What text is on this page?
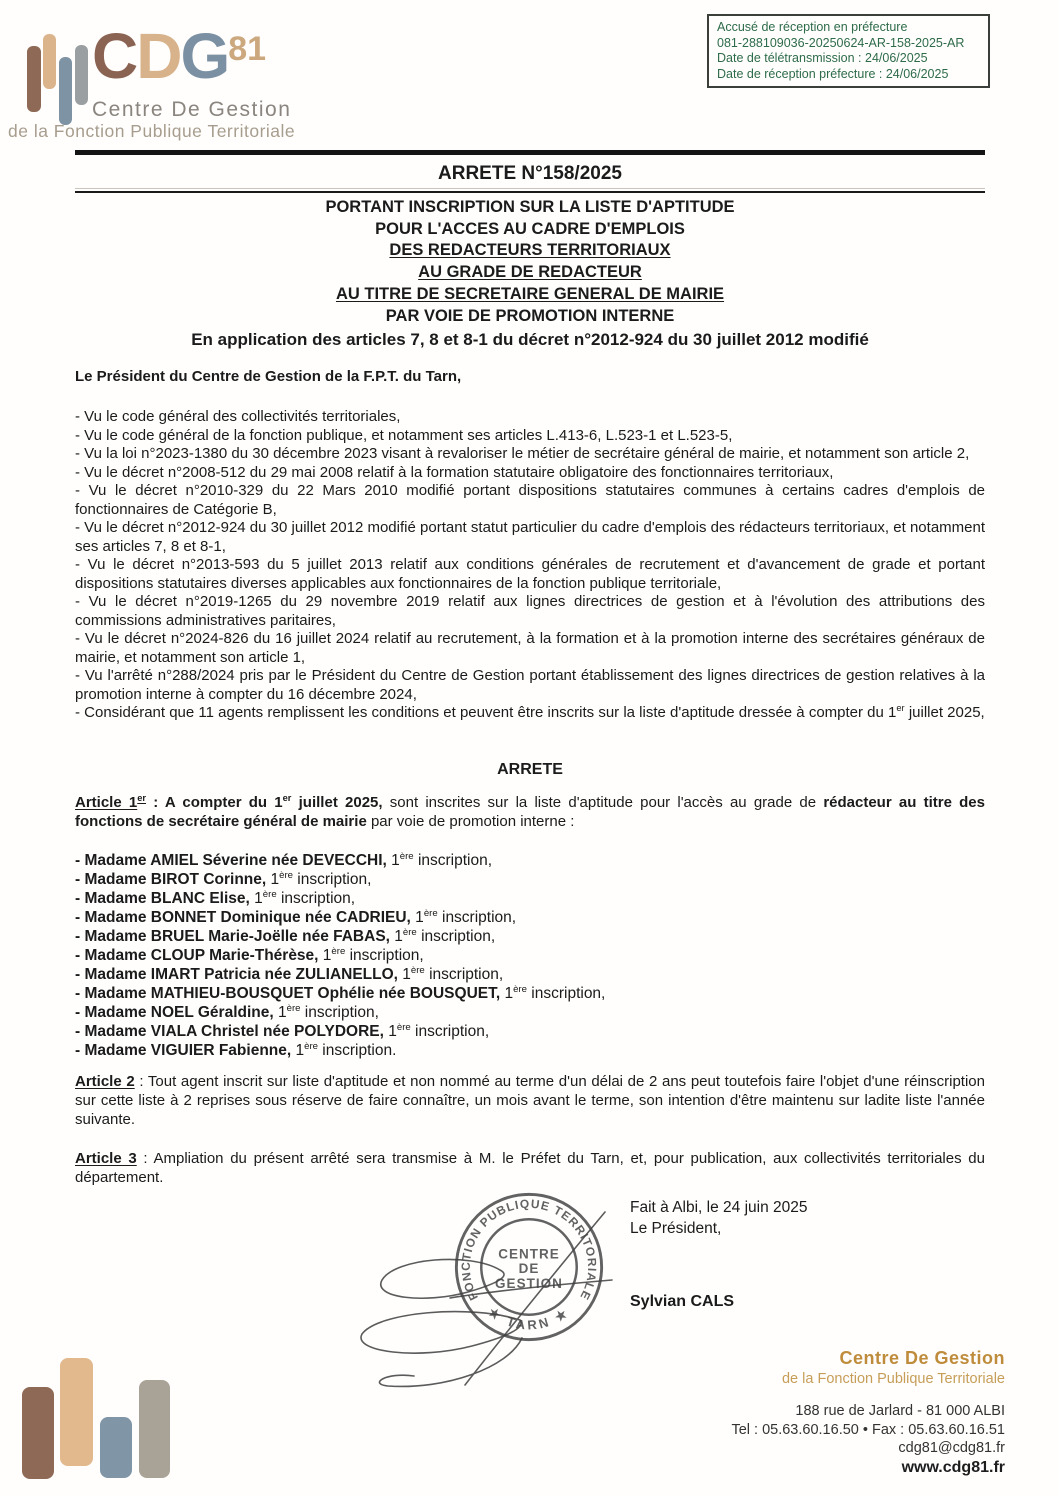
CDG$^{81}$
Centre De Gestion
de la Fonction Publique Territoriale
Accusé de réception en préfecture
081-288109036-20250624-AR-158-2025-AR
Date de télétransmission : 24/06/2025
Date de réception préfecture : 24/06/2025
ARRETE N°158/2025
PORTANT INSCRIPTION SUR LA LISTE D'APTITUDE
POUR L'ACCES AU CADRE D'EMPLOIS
DES REDACTEURS TERRITORIAUX
AU GRADE DE REDACTEUR
AU TITRE DE SECRETAIRE GENERAL DE MAIRIE
PAR VOIE DE PROMOTION INTERNE
En application des articles 7, 8 et 8-1 du décret n°2012-924 du 30 juillet 2012 modifié
Le Président du Centre de Gestion de la F.P.T. du Tarn,
- Vu le code général des collectivités territoriales,
- Vu le code général de la fonction publique, et notamment ses articles L.413-6, L.523-1 et L.523-5,
- Vu la loi n°2023-1380 du 30 décembre 2023 visant à revaloriser le métier de secrétaire général de mairie, et notamment son article 2,
- Vu le décret n°2008-512 du 29 mai 2008 relatif à la formation statutaire obligatoire des fonctionnaires territoriaux,
- Vu le décret n°2010-329 du 22 Mars 2010 modifié portant dispositions statutaires communes à certains cadres d'emplois de fonctionnaires de Catégorie B,
- Vu le décret n°2012-924 du 30 juillet 2012 modifié portant statut particulier du cadre d'emplois des rédacteurs territoriaux, et notamment ses articles 7, 8 et 8-1,
- Vu le décret n°2013-593 du 5 juillet 2013 relatif aux conditions générales de recrutement et d'avancement de grade et portant dispositions statutaires diverses applicables aux fonctionnaires de la fonction publique territoriale,
- Vu le décret n°2019-1265 du 29 novembre 2019 relatif aux lignes directrices de gestion et à l'évolution des attributions des commissions administratives paritaires,
- Vu le décret n°2024-826 du 16 juillet 2024 relatif au recrutement, à la formation et à la promotion interne des secrétaires généraux de mairie, et notamment son article 1,
- Vu l'arrêté n°288/2024 pris par le Président du Centre de Gestion portant établissement des lignes directrices de gestion relatives à la promotion interne à compter du 16 décembre 2024,
- Considérant que 11 agents remplissent les conditions et peuvent être inscrits sur la liste d'aptitude dressée à compter du 1er juillet 2025,
ARRETE
Article 1er : A compter du 1er juillet 2025, sont inscrites sur la liste d'aptitude pour l'accès au grade de rédacteur au titre des fonctions de secrétaire général de mairie par voie de promotion interne :
- Madame AMIEL Séverine née DEVECCHI, 1ère inscription,
- Madame BIROT Corinne, 1ère inscription,
- Madame BLANC Elise, 1ère inscription,
- Madame BONNET Dominique née CADRIEU, 1ère inscription,
- Madame BRUEL Marie-Joëlle née FABAS, 1ère inscription,
- Madame CLOUP Marie-Thérèse, 1ère inscription,
- Madame IMART Patricia née ZULIANELLO, 1ère inscription,
- Madame MATHIEU-BOUSQUET Ophélie née BOUSQUET, 1ère inscription,
- Madame NOEL Géraldine, 1ère inscription,
- Madame VIALA Christel née POLYDORE, 1ère inscription,
- Madame VIGUIER Fabienne, 1ère inscription.
Article 2 : Tout agent inscrit sur liste d'aptitude et non nommé au terme d'un délai de 2 ans peut toutefois faire l'objet d'une réinscription sur cette liste à 2 reprises sous réserve de faire connaître, un mois avant le terme, son intention d'être maintenu sur ladite liste l'année suivante.
Article 3 : Ampliation du présent arrêté sera transmise à M. le Préfet du Tarn, et, pour publication, aux collectivités territoriales du département.
Fait à Albi, le 24 juin 2025
Le Président,
Sylvian CALS
FONCTION PUBLIQUE TERRITORIALE
★ TARN ★
CENTRE
DE
GESTION
Centre De Gestion
de la Fonction Publique Territoriale
188 rue de Jarlard - 81 000 ALBI
Tel : 05.63.60.16.50 • Fax : 05.63.60.16.51
cdg81@cdg81.fr
www.cdg81.fr
